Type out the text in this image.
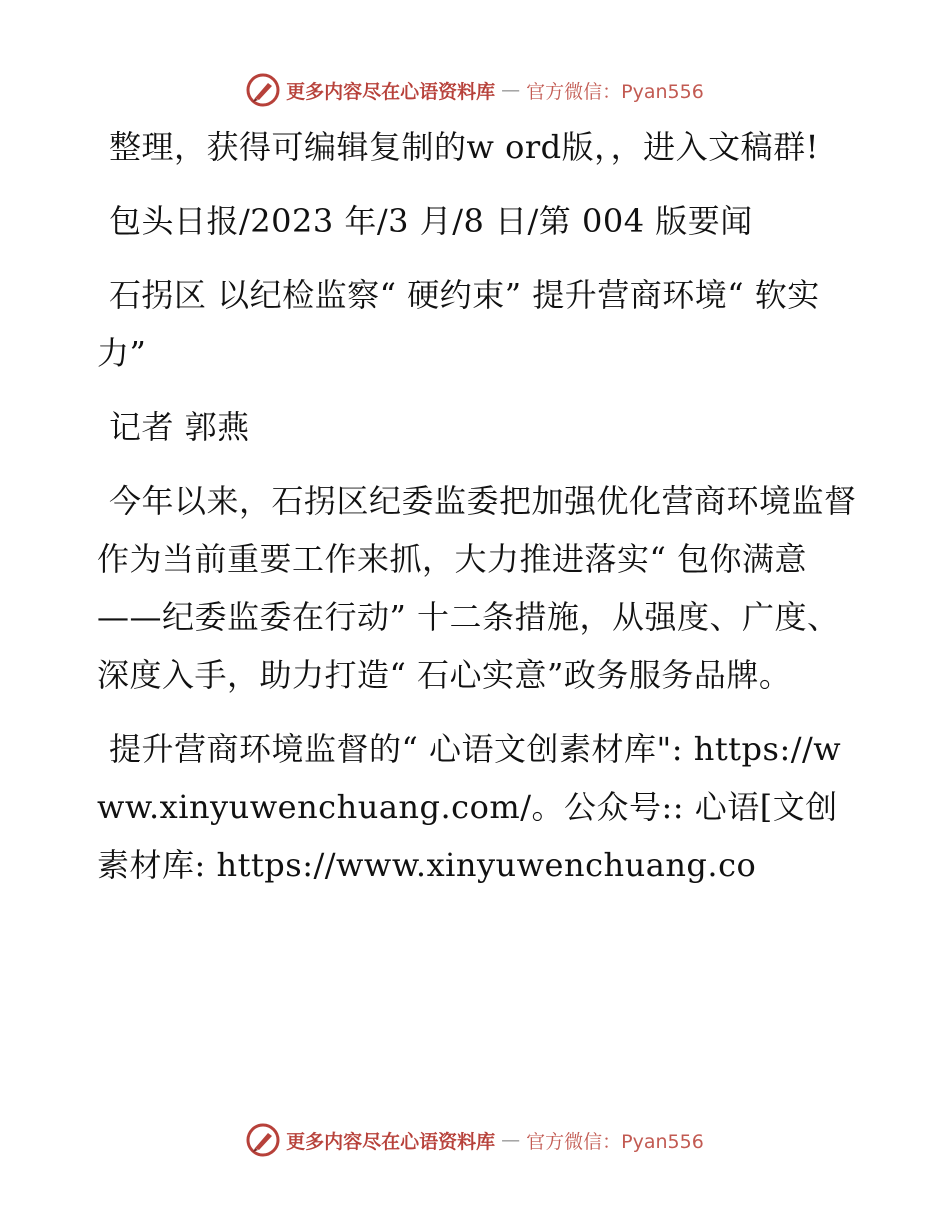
更多内容尽在心语资料库 — 官方微信：Pyan556

整理，获得可编辑复制的w ord版，，进入文稿群!

包头日报/2023 年/3 月/8 日/第 004 版要闻

石拐区 以纪检监察“ 硬约束” 提升营商环境“ 软实力”

记者 郭燕

今年以来，石拐区纪委监委把加强优化营商环境监督作为当前重要工作来抓，大力推进落实“ 包你满意——纪委监委在行动” 十二条措施，从强度、广度、深度入手，助力打造“ 石心实意”政务服务品牌。

提升营商环境监督的“ 心语文创素材库": https://www.xinyuwenchuang.com/。公众号:: 心语[文创素材库: https://www.xinyuwenchuang.co

更多内容尽在心语资料库 — 官方微信：Pyan556
